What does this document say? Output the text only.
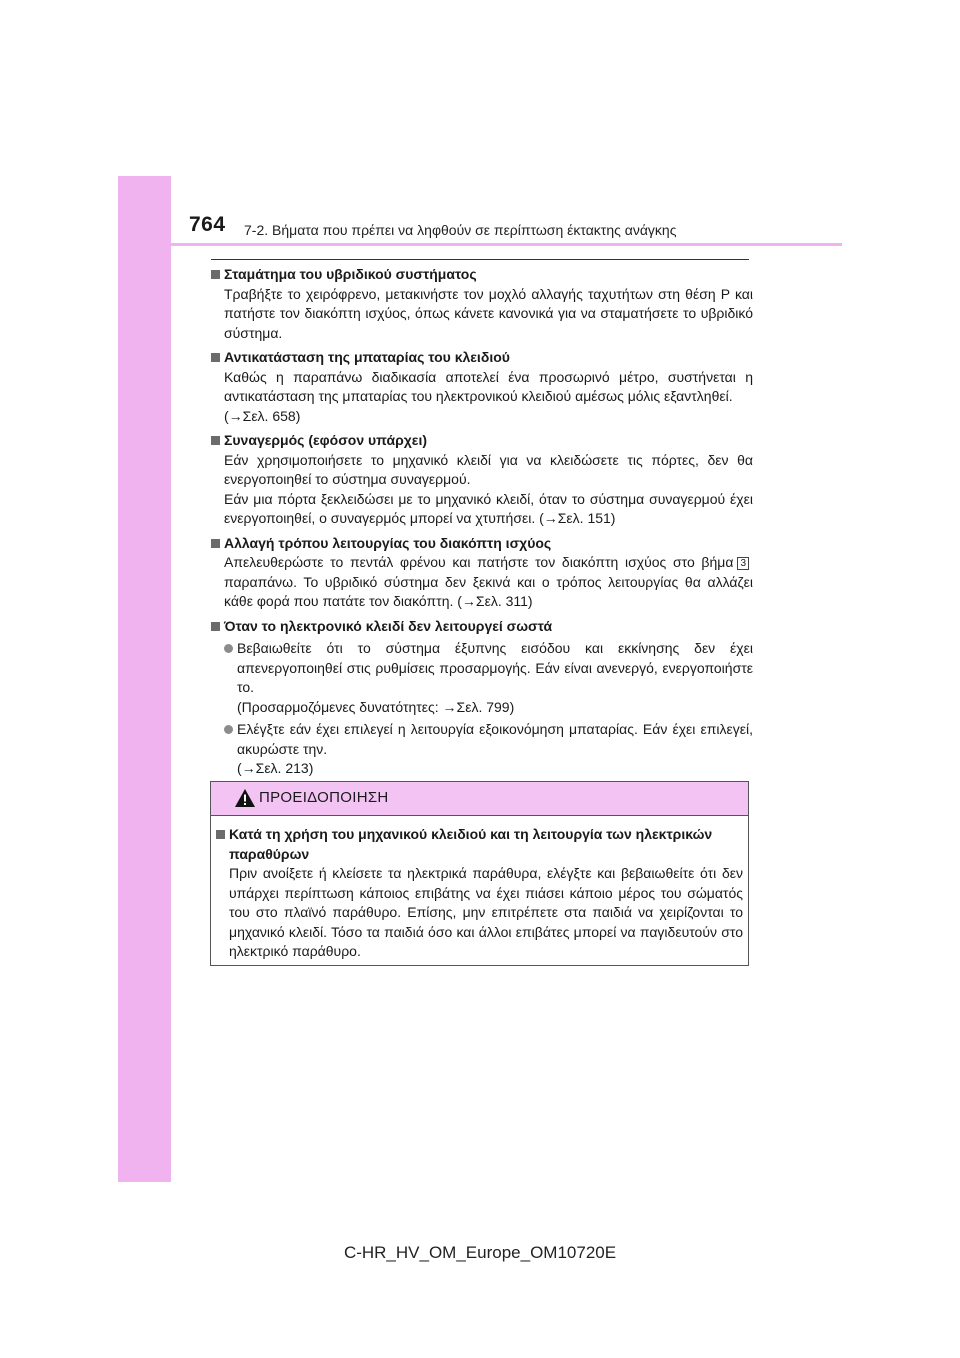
764 7-2. Βήματα που πρέπει να ληφθούν σε περίπτωση έκτακτης ανάγκης
Σταμάτημα του υβριδικού συστήματος
Τραβήξτε το χειρόφρενο, μετακινήστε τον μοχλό αλλαγής ταχυτήτων στη θέση P και πατήστε τον διακόπτη ισχύος, όπως κάνετε κανονικά για να σταματήσετε το υβριδικό σύστημα.
Αντικατάσταση της μπαταρίας του κλειδιού
Καθώς η παραπάνω διαδικασία αποτελεί ένα προσωρινό μέτρο, συστήνεται η αντικατάσταση της μπαταρίας του ηλεκτρονικού κλειδιού αμέσως μόλις εξαντληθεί.
(→Σελ. 658)
Συναγερμός (εφόσον υπάρχει)
Εάν χρησιμοποιήσετε το μηχανικό κλειδί για να κλειδώσετε τις πόρτες, δεν θα ενεργοποιηθεί το σύστημα συναγερμού.
Εάν μια πόρτα ξεκλειδώσει με το μηχανικό κλειδί, όταν το σύστημα συναγερμού έχει ενεργοποιηθεί, ο συναγερμός μπορεί να χτυπήσει. (→Σελ. 151)
Αλλαγή τρόπου λειτουργίας του διακόπτη ισχύος
Απελευθερώστε το πεντάλ φρένου και πατήστε τον διακόπτη ισχύος στο βήμα 3παραπάνω. Το υβριδικό σύστημα δεν ξεκινά και ο τρόπος λειτουργίας θα αλλάζει κάθε φορά που πατάτε τον διακόπτη. (→Σελ. 311)
Όταν το ηλεκτρονικό κλειδί δεν λειτουργεί σωστά
Βεβαιωθείτε ότι το σύστημα έξυπνης εισόδου και εκκίνησης δεν έχει απενεργοποιηθεί στις ρυθμίσεις προσαρμογής. Εάν είναι ανενεργό, ενεργοποιήστε το.
(Προσαρμοζόμενες δυνατότητες: →Σελ. 799)
Ελέγξτε εάν έχει επιλεγεί η λειτουργία εξοικονόμηση μπαταρίας. Εάν έχει επιλεγεί, ακυρώστε την.
(→Σελ. 213)
ΠΡΟΕΙΔΟΠΟΙΗΣΗ
Κατά τη χρήση του μηχανικού κλειδιού και τη λειτουργία των ηλεκτρικών παραθύρων
Πριν ανοίξετε ή κλείσετε τα ηλεκτρικά παράθυρα, ελέγξτε και βεβαιωθείτε ότι δεν υπάρχει περίπτωση κάποιος επιβάτης να έχει πιάσει κάποιο μέρος του σώματός του στο πλαϊνό παράθυρο. Επίσης, μην επιτρέπετε στα παιδιά να χειρίζονται το μηχανικό κλειδί. Τόσο τα παιδιά όσο και άλλοι επιβάτες μπορεί να παγιδευτούν στο ηλεκτρικό παράθυρο.
C-HR_HV_OM_Europe_OM10720E
